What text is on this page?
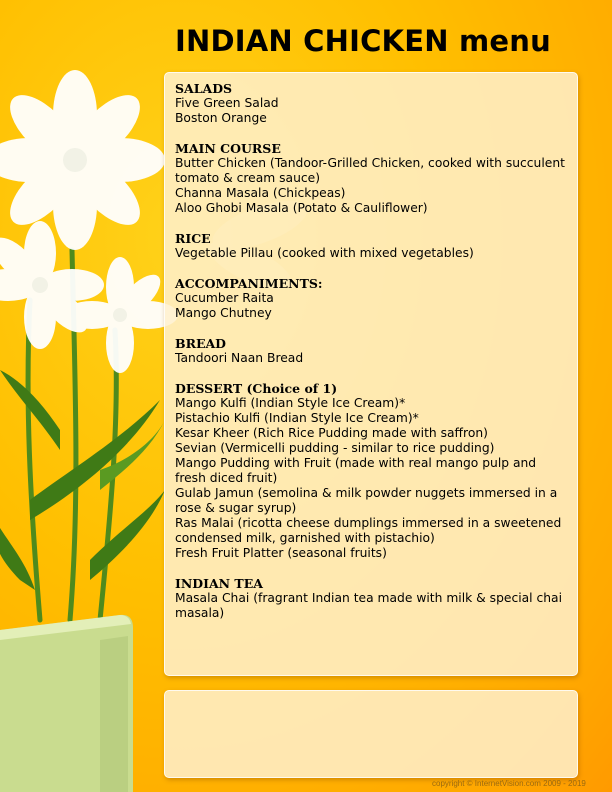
INDIAN CHICKEN menu
SALADS
Five Green Salad
Boston Orange
MAIN COURSE
Butter Chicken (Tandoor-Grilled Chicken, cooked with succulent tomato & cream sauce)
Channa Masala (Chickpeas)
Aloo Ghobi Masala (Potato & Cauliflower)
RICE
Vegetable Pillau (cooked with mixed vegetables)
ACCOMPANIMENTS:
Cucumber Raita
Mango Chutney
BREAD
Tandoori Naan Bread
DESSERT (Choice of 1)
Mango Kulfi (Indian Style Ice Cream)*
Pistachio Kulfi (Indian Style Ice Cream)*
Kesar Kheer (Rich Rice Pudding made with saffron)
Sevian (Vermicelli pudding - similar to rice pudding)
Mango Pudding with Fruit (made with real mango pulp and fresh diced fruit)
Gulab Jamun (semolina & milk powder nuggets immersed in a rose & sugar syrup)
Ras Malai (ricotta cheese dumplings immersed in a sweetened condensed milk, garnished with pistachio)
Fresh Fruit Platter (seasonal fruits)
INDIAN TEA
Masala Chai (fragrant Indian tea made with milk & special chai masala)
copyright © InternetVision.com 2009 - 2019
